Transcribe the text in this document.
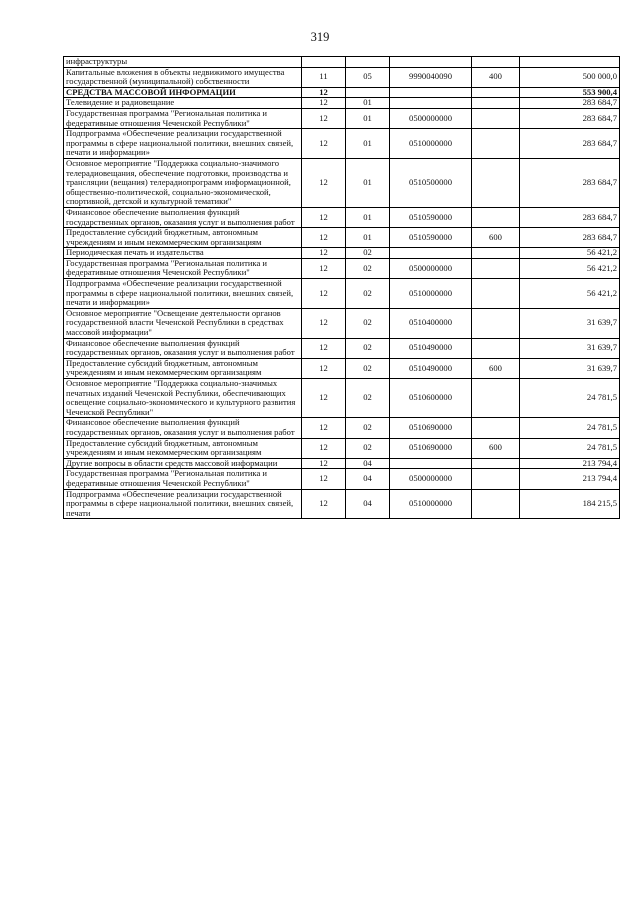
319
инфраструктуры					
Капитальные вложения в объекты недвижимого имущества государственной (муниципальной) собственности	11	05	9990040090	400	500 000,0
СРЕДСТВА МАССОВОЙ ИНФОРМАЦИИ	12				553 900,4
Телевидение и радиовещание	12	01			283 684,7
Государственная программа "Региональная политика и федеративные отношения Чеченской Республики"	12	01	0500000000		283 684,7
Подпрограмма «Обеспечение реализации государственной программы в сфере национальной политики, внешних связей, печати и информации»	12	01	0510000000		283 684,7
Основное мероприятие "Поддержка социально-значимого телерадиовещания, обеспечение подготовки, производства и трансляции (вещания) телерадиопрограмм информационной, общественно-политической, социально-экономической, спортивной, детской и культурной тематики"	12	01	0510500000		283 684,7
Финансовое обеспечение выполнения функций государственных органов, оказания услуг и выполнения работ	12	01	0510590000		283 684,7
Предоставление субсидий бюджетным, автономным учреждениям и иным некоммерческим организациям	12	01	0510590000	600	283 684,7
Периодическая печать и издательства	12	02			56 421,2
Государственная программа "Региональная политика и федеративные отношения Чеченской Республики"	12	02	0500000000		56 421,2
Подпрограмма «Обеспечение реализации государственной программы в сфере национальной политики, внешних связей, печати и информации»	12	02	0510000000		56 421,2
Основное мероприятие "Освещение деятельности органов государственной власти Чеченской Республики в средствах массовой информации"	12	02	0510400000		31 639,7
Финансовое обеспечение выполнения функций государственных органов, оказания услуг и выполнения работ	12	02	0510490000		31 639,7
Предоставление субсидий бюджетным, автономным учреждениям и иным некоммерческим организациям	12	02	0510490000	600	31 639,7
Основное мероприятие "Поддержка социально-значимых печатных изданий Чеченской Республики, обеспечивающих освещение социально-экономического и культурного развития Чеченской Республики"	12	02	0510600000		24 781,5
Финансовое обеспечение выполнения функций государственных органов, оказания услуг и выполнения работ	12	02	0510690000		24 781,5
Предоставление субсидий бюджетным, автономным учреждениям и иным некоммерческим организациям	12	02	0510690000	600	24 781,5
Другие вопросы в области средств массовой информации	12	04			213 794,4
Государственная программа "Региональная политика и федеративные отношения Чеченской Республики"	12	04	0500000000		213 794,4
Подпрограмма «Обеспечение реализации государственной программы в сфере национальной политики, внешних связей, печати	12	04	0510000000		184 215,5
